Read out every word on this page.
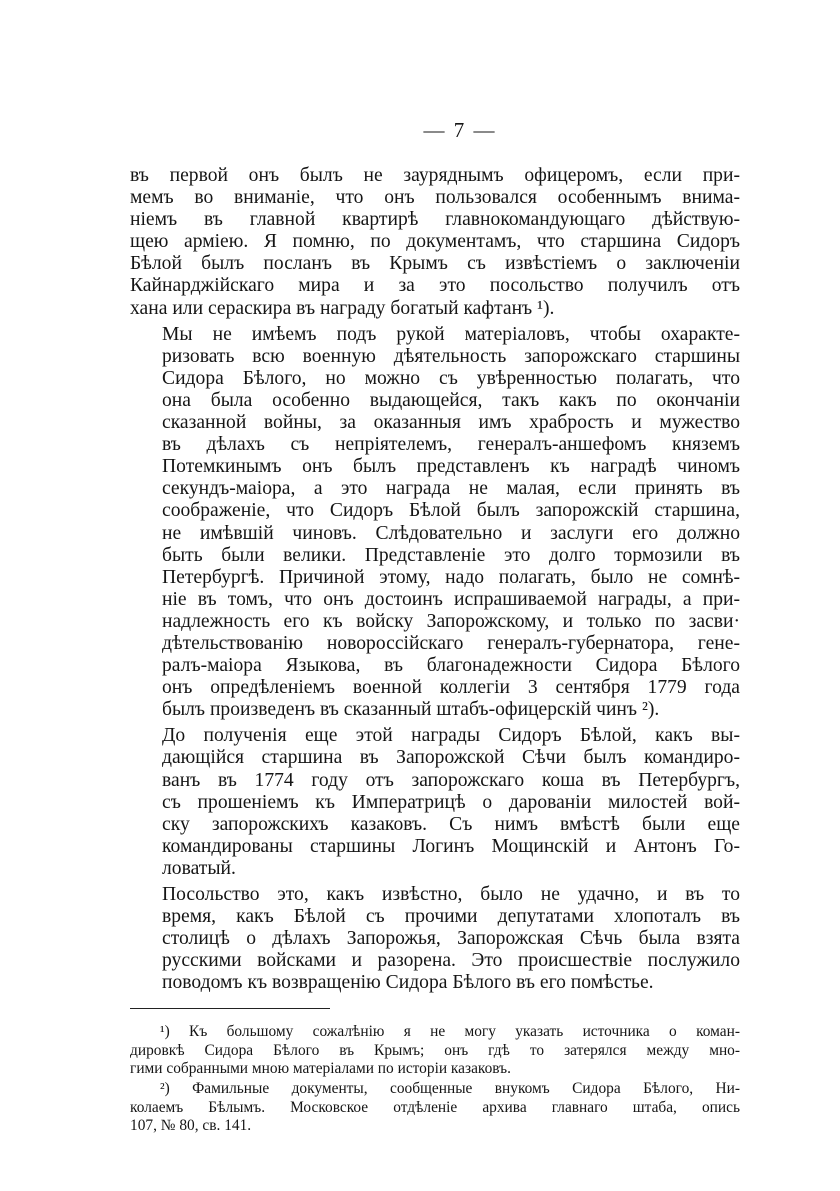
— 7 —
въ первой онъ былъ не зауряднымъ офицеромъ, если при-
мемъ во вниманіе, что онъ пользовался особеннымъ внима-
ніемъ въ главной квартирѣ главнокомандующаго дѣйствую-
щею арміею. Я помню, по документамъ, что старшина Сидоръ
Бѣлой былъ посланъ въ Крымъ съ извѣстіемъ о заключеніи
Кайнарджійскаго мира и за это посольство получилъ отъ
хана или сераскира въ награду богатый кафтанъ ¹).
Мы не имѣемъ подъ рукой матеріаловъ, чтобы охаракте-
ризовать всю военную дѣятельность запорожскаго старшины
Сидора Бѣлого, но можно съ увѣренностью полагать, что
она была особенно выдающейся, такъ какъ по окончаніи
сказанной войны, за оказанныя имъ храбрость и мужество
въ дѣлахъ съ непріятелемъ, генералъ-аншефомъ княземъ
Потемкинымъ онъ былъ представленъ къ наградѣ чиномъ
секундъ-маіора, а это награда не малая, если принять въ
соображеніе, что Сидоръ Бѣлой былъ запорожскій старшина,
не имѣвшій чиновъ. Слѣдовательно и заслуги его должно
быть были велики. Представленіе это долго тормозили въ
Петербургѣ. Причиной этому, надо полагать, было не сомнѣ-
ніе въ томъ, что онъ достоинъ испрашиваемой награды, а при-
надлежность его къ войску Запорожскому, и только по засви·
дѣтельствованію новороссійскаго генералъ-губернатора, гене-
ралъ-маіора Языкова, въ благонадежности Сидора Бѣлого
онъ опредѣленіемъ военной коллегіи 3 сентября 1779 года
былъ произведенъ въ сказанный штабъ-офицерскій чинъ ²).
До полученія еще этой награды Сидоръ Бѣлой, какъ вы-
дающійся старшина въ Запорожской Сѣчи былъ командиро-
ванъ въ 1774 году отъ запорожскаго коша въ Петербургъ,
съ прошеніемъ къ Императрицѣ о дарованіи милостей вой-
ску запорожскихъ казаковъ. Съ нимъ вмѣстѣ были еще
командированы старшины Логинъ Мощинскій и Антонъ Го-
ловатый.
Посольство это, какъ извѣстно, было не удачно, и въ то
время, какъ Бѣлой съ прочими депутатами хлопоталъ въ
столицѣ о дѣлахъ Запорожья, Запорожская Сѣчь была взята
русскими войсками и разорена. Это происшествіе послужило
поводомъ къ возвращенію Сидора Бѣлого въ его помѣстье.
¹) Къ большому сожалѣнію я не могу указать источника о коман-
дировкѣ Сидора Бѣлого въ Крымъ; онъ гдѣ то затерялся между мно-
гими собранными мною матеріалами по исторіи казаковъ.
²) Фамильные документы, сообщенные внукомъ Сидора Бѣлого, Ни-
колаемъ Бѣлымъ. Московское отдѣленіе архива главнаго штаба, опись
107, № 80, св. 141.
